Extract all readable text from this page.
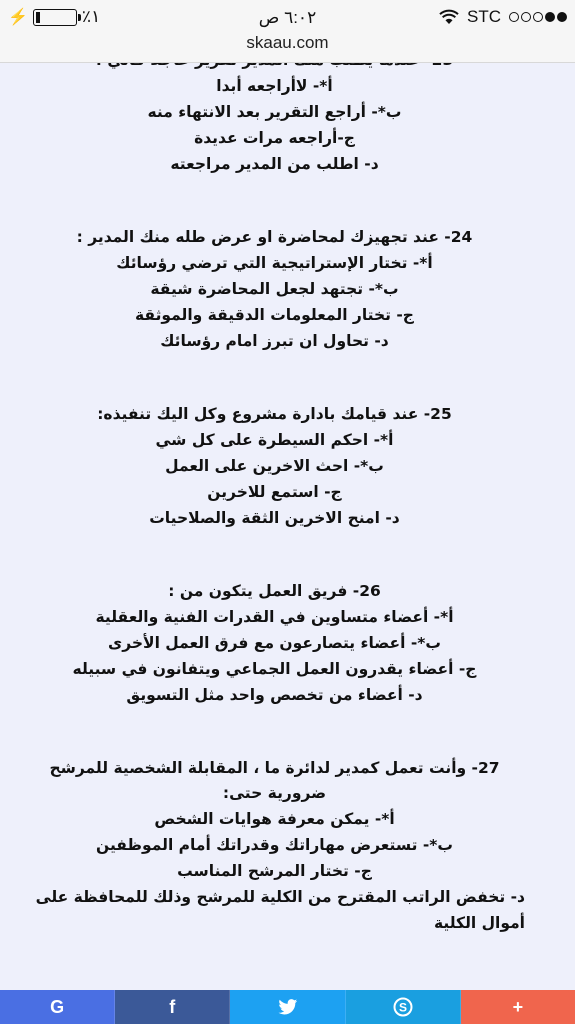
أ*- لاأراجعه أبدا
ب*- أراجع التقرير بعد الانتهاء منه
ج-أراجعه مرات عديدة
د- اطلب من المدير مراجعته
24- عند تجهيزك لمحاضرة او عرض طله منك المدير :
أ*- تختار الإستراتيجية التي ترضي رؤسائك
ب*- تجتهد لجعل المحاضرة شيقة
ج- تختار المعلومات الدقيقة والموثقة
د- تحاول ان تبرز امام رؤسائك
25- عند قيامك بادارة مشروع وكل اليك تنفيذه:
أ*- احكم السيطرة على كل شي
ب*- احث الاخرين على العمل
ج- استمع للاخرين
د- امنح الاخرين الثقة والصلاحيات
26- فريق العمل يتكون من :
أ*- أعضاء متساوين في القدرات الفنية والعقلية
ب*- أعضاء يتصارعون مع فرق العمل الأخرى
ج- أعضاء يقدرون العمل الجماعي ويتفانون في سبيله
د- أعضاء من تخصص واحد مثل التسويق
27- وأنت تعمل كمدير لدائرة ما ، المقابلة الشخصية للمرشح ضرورية حتى:
أ*- يمكن معرفة هوايات الشخص
ب*- تستعرض مهاراتك وقدراتك أمام الموظفين
ج- تختار المرشح المناسب
د- تخفض الراتب المقترح من الكلية للمرشح وذلك للمحافظة على أموال الكلية
⚡	٪١	٦:٠٢ ص	STC
skaau.com
G	f	S	+
